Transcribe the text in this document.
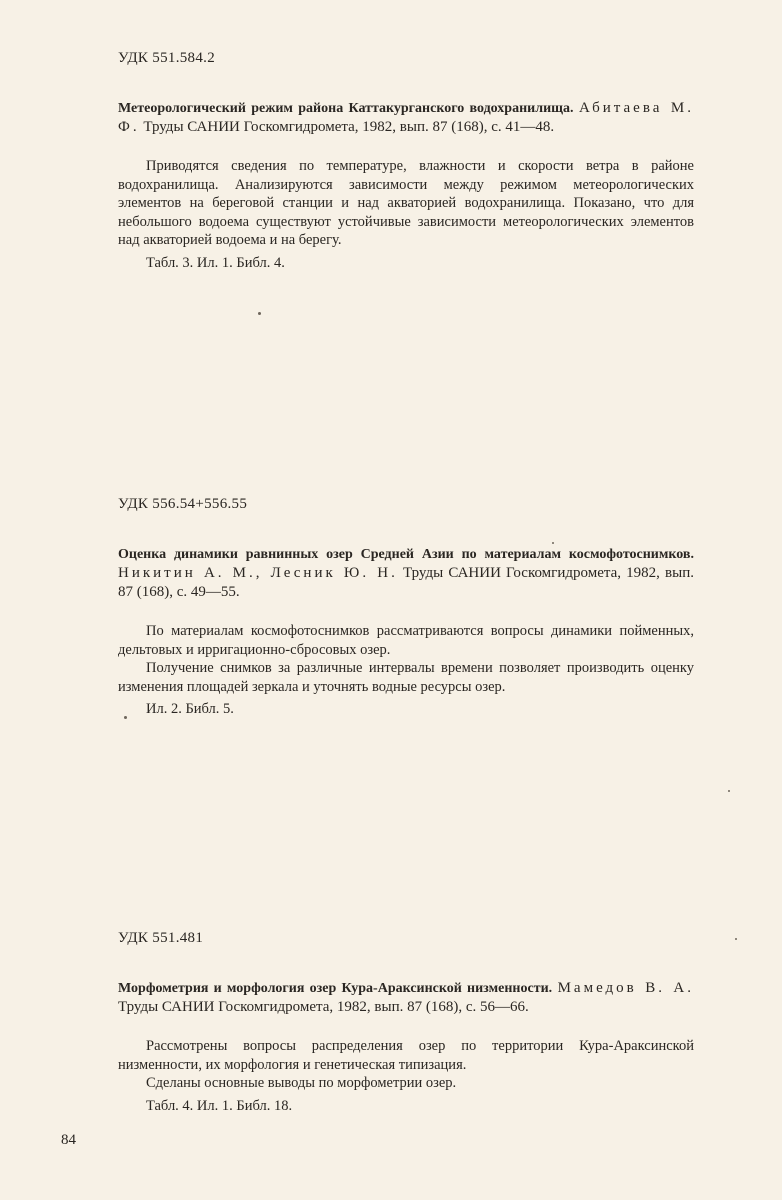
УДК 551.584.2

Метеорологический режим района Каттакурганского водохранилища. Абитаева М. Ф. Труды САНИИ Госкомгидромета, 1982, вып. 87 (168), с. 41—48.

Приводятся сведения по температуре, влажности и скорости ветра в районе водохранилища. Анализируются зависимости между режимом метеорологических элементов на береговой станции и над акваторией водохранилища. Показано, что для небольшого водоема существуют устойчивые зависимости метеорологических элементов над акваторией водоема и на берегу.

Табл. 3. Ил. 1. Библ. 4.

УДК 556.54+556.55

Оценка динамики равнинных озер Средней Азии по материалам космофотоснимков. Никитин А. М., Лесник Ю. Н. Труды САНИИ Госкомгидромета, 1982, вып. 87 (168), с. 49—55.

По материалам космофотоснимков рассматриваются вопросы динамики пойменных, дельтовых и ирригационно-сбросовых озер.

Получение снимков за различные интервалы времени позволяет производить оценку изменения площадей зеркала и уточнять водные ресурсы озер.

Ил. 2. Библ. 5.

УДК 551.481

Морфометрия и морфология озер Кура-Араксинской низменности. Мамедов В. А. Труды САНИИ Госкомгидромета, 1982, вып. 87 (168), с. 56—66.

Рассмотрены вопросы распределения озер по территории Кура-Араксинской низменности, их морфология и генетическая типизация.

Сделаны основные выводы по морфометрии озер.

Табл. 4. Ил. 1. Библ. 18.

84
